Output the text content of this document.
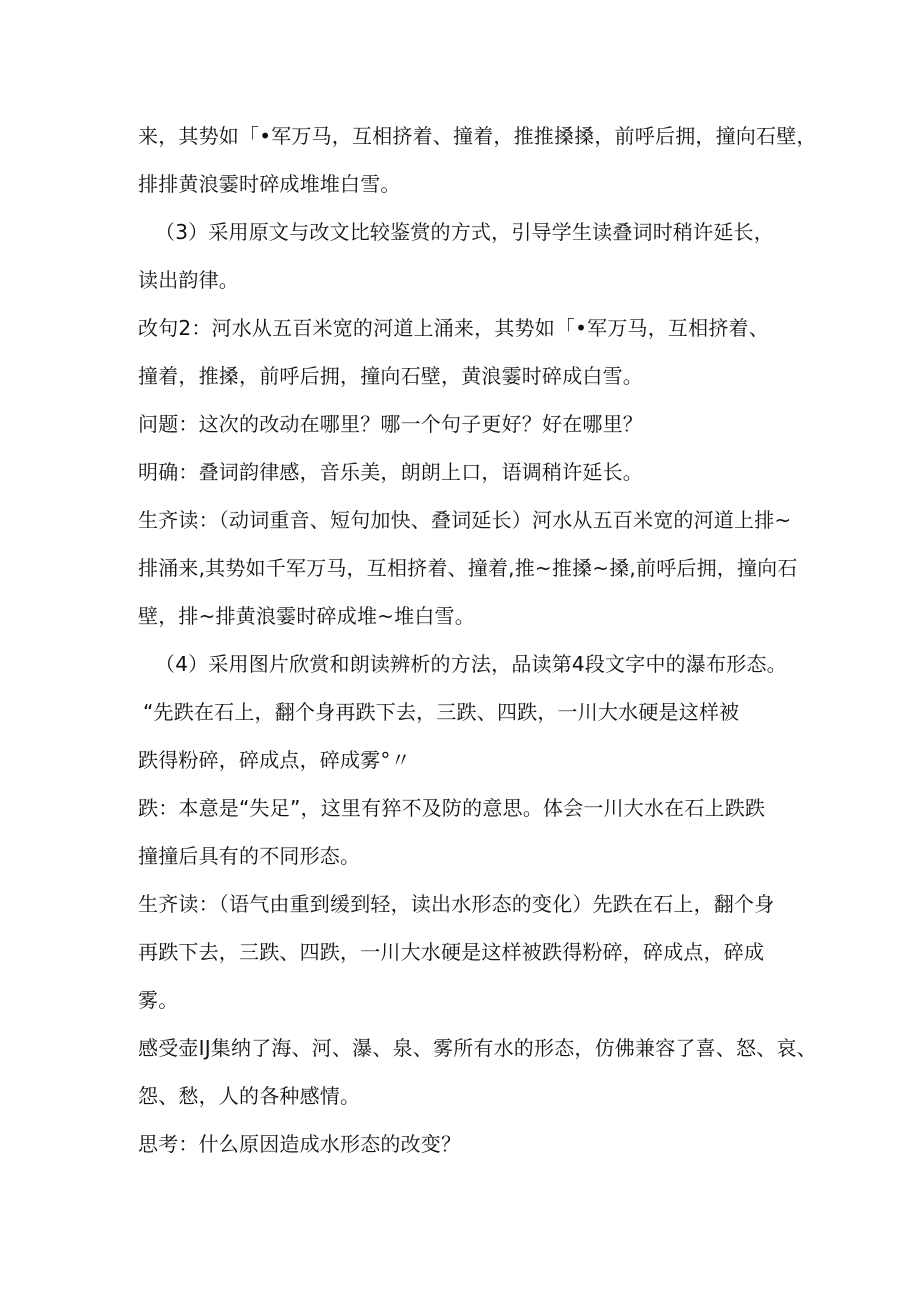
来，其势如「•军万马，互相挤着、撞着，推推搡搡，前呼后拥，撞向石壁，
排排黄浪霎时碎成堆堆白雪。
（3）采用原文与改文比较鉴赏的方式，引导学生读叠词时稍许延长，
读出韵律。
改句2：河水从五百米宽的河道上涌来，其势如「•军万马，互相挤着、
撞着，推搡，前呼后拥，撞向石壁，黄浪霎时碎成白雪。
问题：这次的改动在哪里？哪一个句子更好？好在哪里？
明确：叠词韵律感，音乐美，朗朗上口，语调稍许延长。
生齐读：（动词重音、短句加快、叠词延长）河水从五百米宽的河道上排~
排涌来,其势如千军万马，互相挤着、撞着,推~推搡~搡,前呼后拥，撞向石
壁，排~排黄浪霎时碎成堆~堆白雪。
（4）采用图片欣赏和朗读辨析的方法，品读第4段文字中的瀑布形态。
“先跌在石上，翻个身再跌下去，三跌、四跌，一川大水硬是这样被
跌得粉碎，碎成点，碎成雾°〃
跌：本意是“失足”，这里有猝不及防的意思。体会一川大水在石上跌跌
撞撞后具有的不同形态。
生齐读：（语气由重到缓到轻，读出水形态的变化）先跌在石上，翻个身
再跌下去，三跌、四跌，一川大水硬是这样被跌得粉碎，碎成点，碎成
雾。
感受壶IJ集纳了海、河、瀑、泉、雾所有水的形态，仿佛兼容了喜、怒、哀、
怨、愁，人的各种感情。
思考：什么原因造成水形态的改变？
